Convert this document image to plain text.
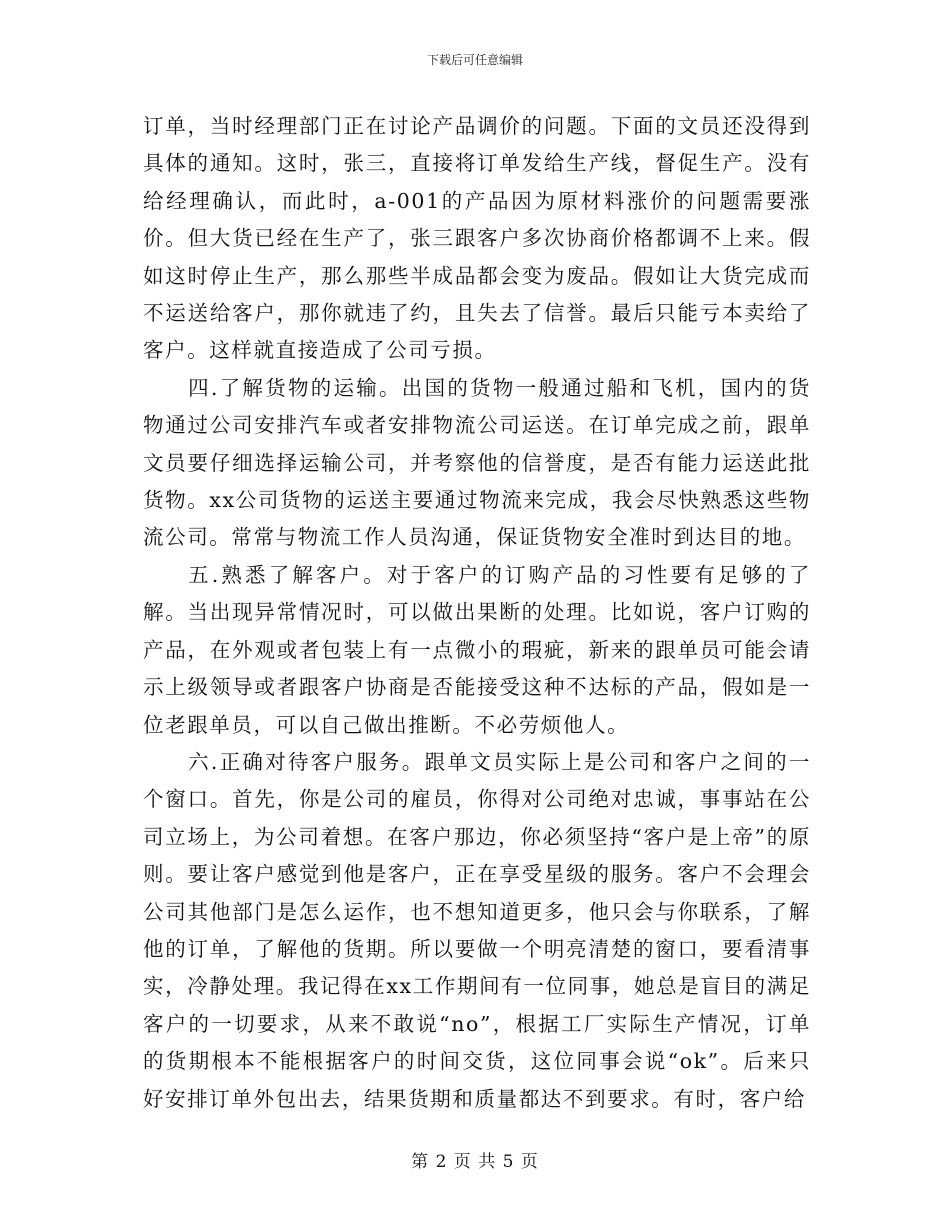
下载后可任意编辑

订单，当时经理部门正在讨论产品调价的问题。下面的文员还没得到具体的通知。这时，张三，直接将订单发给生产线，督促生产。没有给经理确认，而此时，a-001的产品因为原材料涨价的问题需要涨价。但大货已经在生产了，张三跟客户多次协商价格都调不上来。假如这时停止生产，那么那些半成品都会变为废品。假如让大货完成而不运送给客户，那你就违了约，且失去了信誉。最后只能亏本卖给了客户。这样就直接造成了公司亏损。

四.了解货物的运输。出国的货物一般通过船和飞机，国内的货物通过公司安排汽车或者安排物流公司运送。在订单完成之前，跟单文员要仔细选择运输公司，并考察他的信誉度，是否有能力运送此批货物。xx公司货物的运送主要通过物流来完成，我会尽快熟悉这些物流公司。常常与物流工作人员沟通，保证货物安全准时到达目的地。

五.熟悉了解客户。对于客户的订购产品的习性要有足够的了解。当出现异常情况时，可以做出果断的处理。比如说，客户订购的产品，在外观或者包装上有一点微小的瑕疵，新来的跟单员可能会请示上级领导或者跟客户协商是否能接受这种不达标的产品，假如是一位老跟单员，可以自己做出推断。不必劳烦他人。

六.正确对待客户服务。跟单文员实际上是公司和客户之间的一个窗口。首先，你是公司的雇员，你得对公司绝对忠诚，事事站在公司立场上，为公司着想。在客户那边，你必须坚持“客户是上帝”的原则。要让客户感觉到他是客户，正在享受星级的服务。客户不会理会公司其他部门是怎么运作，也不想知道更多，他只会与你联系，了解他的订单，了解他的货期。所以要做一个明亮清楚的窗口，要看清事实，冷静处理。我记得在xx工作期间有一位同事，她总是盲目的满足客户的一切要求，从来不敢说“no”，根据工厂实际生产情况，订单的货期根本不能根据客户的时间交货，这位同事会说“ok”。后来只好安排订单外包出去，结果货期和质量都达不到要求。有时，客户给

第 2 页 共 5 页
